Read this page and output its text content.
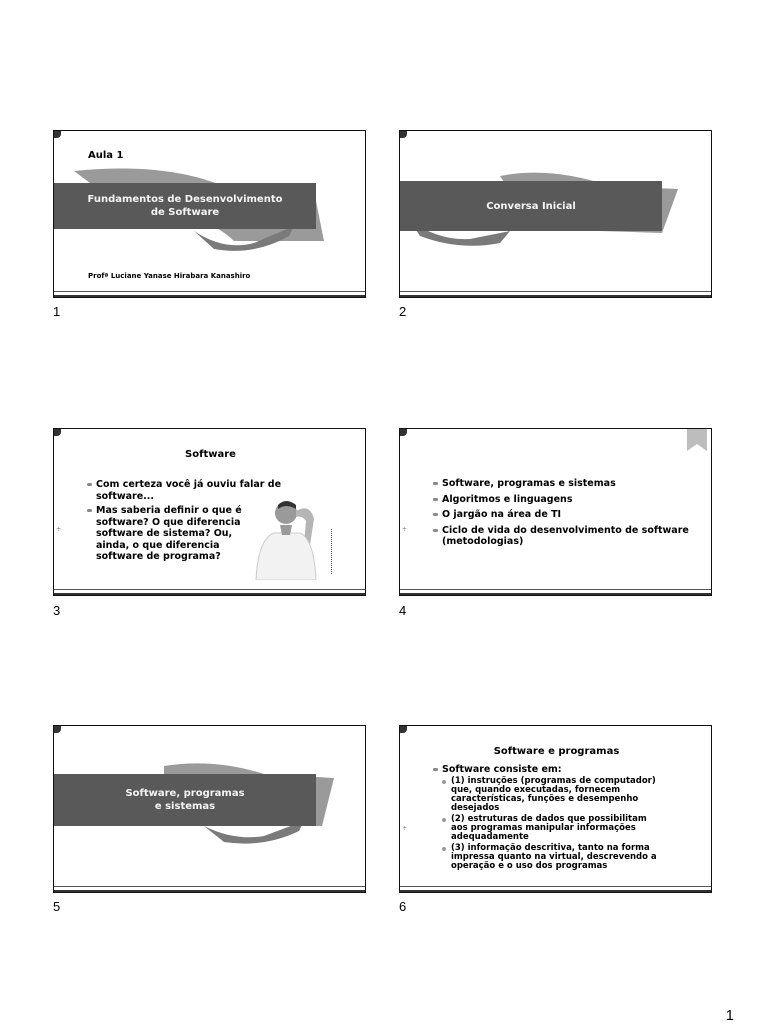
Aula 1
Fundamentos de Desenvolvimento
de Software
Profª Luciane Yanase Hirabara Kanashiro
1

Conversa Inicial
2
÷
Software
Com certeza você já ouviu falar de software...
Mas saberia definir o que é software? O que diferencia software de sistema? Ou, ainda, o que diferencia software de programa?
3
÷
Software, programas e sistemas
Algoritmos e linguagens
O jargão na área de TI
Ciclo de vida do desenvolvimento de software (metodologias)
4

Software, programas
e sistemas
5
÷
Software e programas
Software consiste em:
(1) instruções (programas de computador) que, quando executadas, fornecem características, funções e desempenho desejados
(2) estruturas de dados que possibilitam aos programas manipular informações adequadamente
(3) informação descritiva, tanto na forma impressa quanto na virtual, descrevendo a operação e o uso dos programas
6
1
